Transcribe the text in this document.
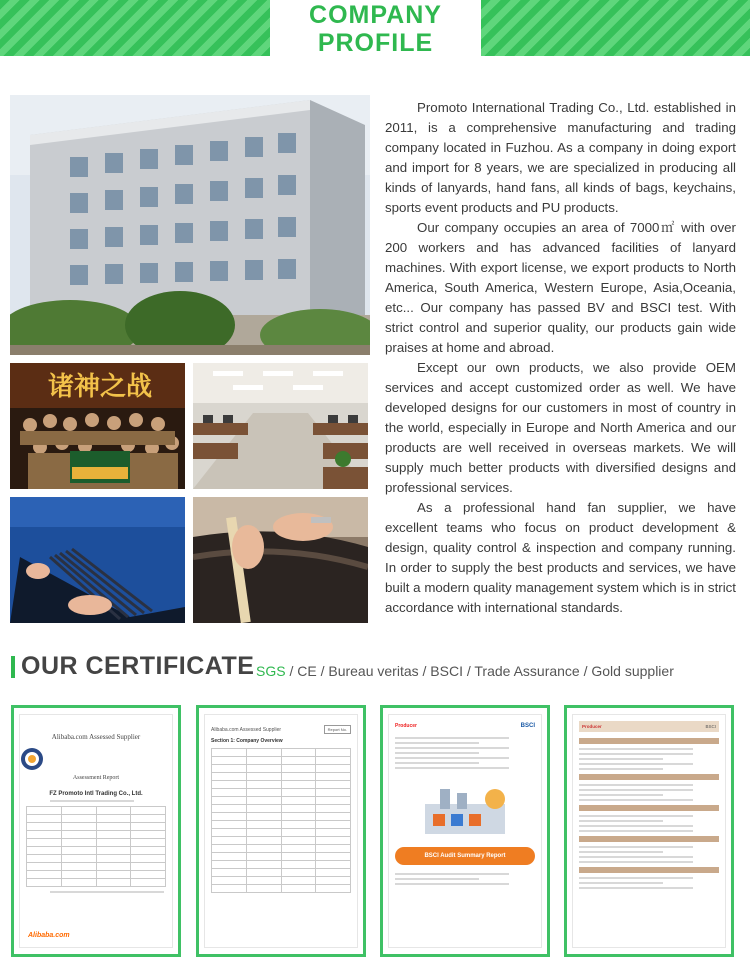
COMPANY
PROFILE
诸神之战

Promoto International Trading Co., Ltd. established in 2011, is a comprehensive manufacturing and trading company located in Fuzhou. As a company in doing export and import for 8 years, we are specialized in producing all kinds of lanyards, hand fans, all kinds of bags, keychains, sports event products and PU products.

Our company occupies an area of 7000㎡ with over 200 workers and has advanced facilities of lanyard machines. With export license, we export products to North America, South America, Western Europe, Asia,Oceania, etc... Our company has passed BV and BSCI test. With strict control and superior quality, our products gain wide praises at home and abroad.

Except our own products, we also provide OEM services and accept customized order as well. We have developed designs for our customers in most of country in the world, especially in Europe and North America and our products are well received in overseas markets. We will supply much better products with diversified designs and professional services.

As a professional hand fan supplier, we have excellent teams who focus on product development & design, quality control & inspection and company running. In order to supply the best products and services, we have built a modern quality management system which is in strict accordance with international standards.

OUR CERTIFICATE SGS / CE / Bureau veritas / BSCI / Trade Assurance / Gold supplier
Alibaba.com Assessed Supplier
Assessment Report
FZ Promoto Intl Trading Co., Ltd.

Alibaba.com
Alibaba.com Assessed Supplier	Report No.
Section 1: Company Overview

Producer	BSCI
BSCI Audit Summary Report
Producer	BSCI
